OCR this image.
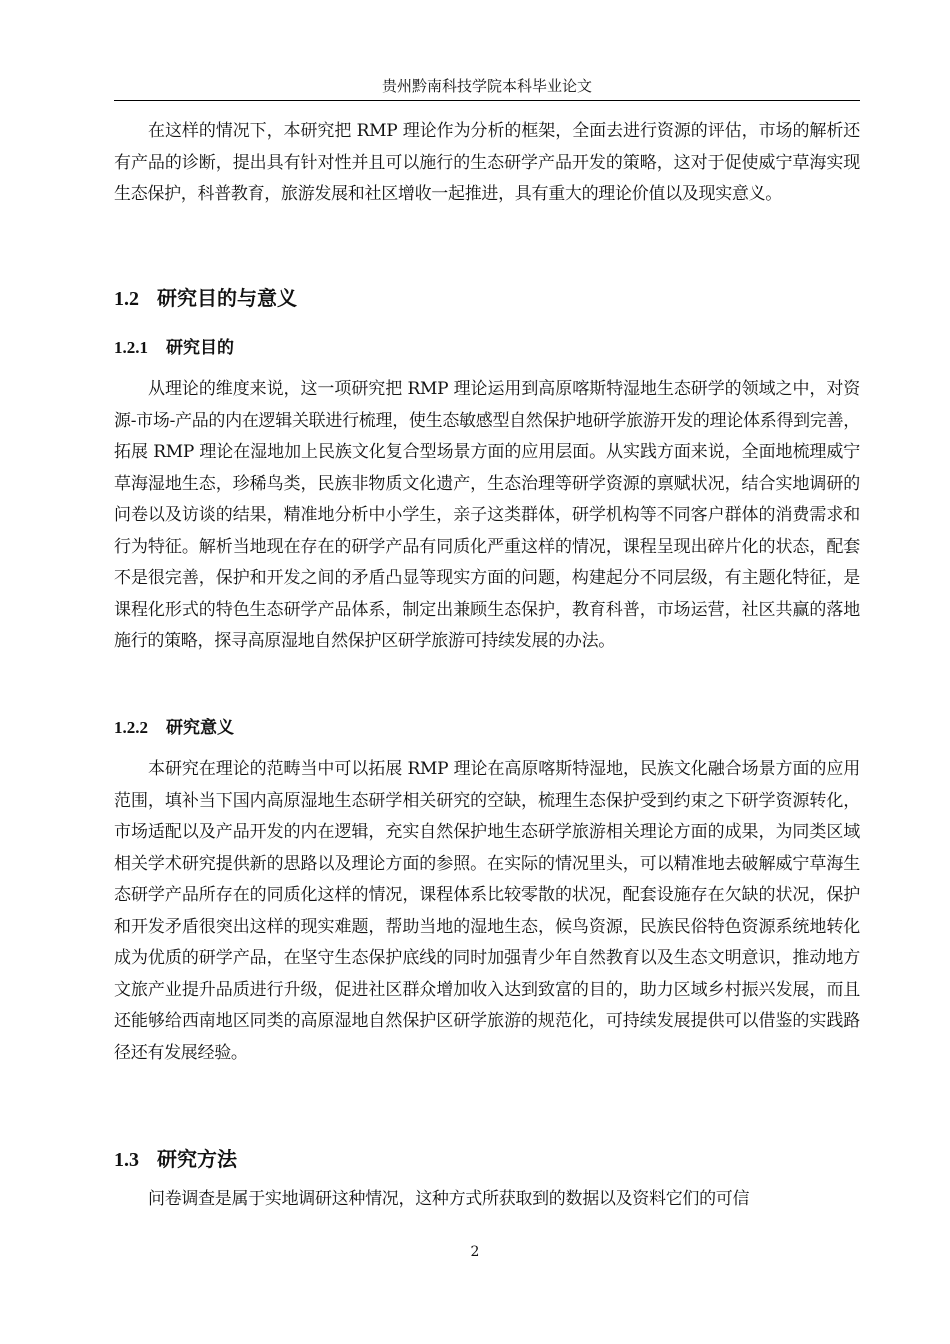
贵州黔南科技学院本科毕业论文

在这样的情况下，本研究把 RMP 理论作为分析的框架，全面去进行资源的评估，市场的解析还有产品的诊断，提出具有针对性并且可以施行的生态研学产品开发的策略，这对于促使威宁草海实现生态保护，科普教育，旅游发展和社区增收一起推进，具有重大的理论价值以及现实意义。

1.2 研究目的与意义
1.2.1 研究目的

从理论的维度来说，这一项研究把 RMP 理论运用到高原喀斯特湿地生态研学的领域之中，对资源-市场-产品的内在逻辑关联进行梳理，使生态敏感型自然保护地研学旅游开发的理论体系得到完善，拓展 RMP 理论在湿地加上民族文化复合型场景方面的应用层面。从实践方面来说，全面地梳理威宁草海湿地生态，珍稀鸟类，民族非物质文化遗产，生态治理等研学资源的禀赋状况，结合实地调研的问卷以及访谈的结果，精准地分析中小学生，亲子这类群体，研学机构等不同客户群体的消费需求和行为特征。解析当地现在存在的研学产品有同质化严重这样的情况，课程呈现出碎片化的状态，配套不是很完善，保护和开发之间的矛盾凸显等现实方面的问题，构建起分不同层级，有主题化特征，是课程化形式的特色生态研学产品体系，制定出兼顾生态保护，教育科普，市场运营，社区共赢的落地施行的策略，探寻高原湿地自然保护区研学旅游可持续发展的办法。

1.2.2 研究意义

本研究在理论的范畴当中可以拓展 RMP 理论在高原喀斯特湿地，民族文化融合场景方面的应用范围，填补当下国内高原湿地生态研学相关研究的空缺，梳理生态保护受到约束之下研学资源转化，市场适配以及产品开发的内在逻辑，充实自然保护地生态研学旅游相关理论方面的成果，为同类区域相关学术研究提供新的思路以及理论方面的参照。在实际的情况里头，可以精准地去破解威宁草海生态研学产品所存在的同质化这样的情况，课程体系比较零散的状况，配套设施存在欠缺的状况，保护和开发矛盾很突出这样的现实难题，帮助当地的湿地生态，候鸟资源，民族民俗特色资源系统地转化成为优质的研学产品，在坚守生态保护底线的同时加强青少年自然教育以及生态文明意识，推动地方文旅产业提升品质进行升级，促进社区群众增加收入达到致富的目的，助力区域乡村振兴发展，而且还能够给西南地区同类的高原湿地自然保护区研学旅游的规范化，可持续发展提供可以借鉴的实践路径还有发展经验。

1.3 研究方法

问卷调查是属于实地调研这种情况，这种方式所获取到的数据以及资料它们的可信

2
